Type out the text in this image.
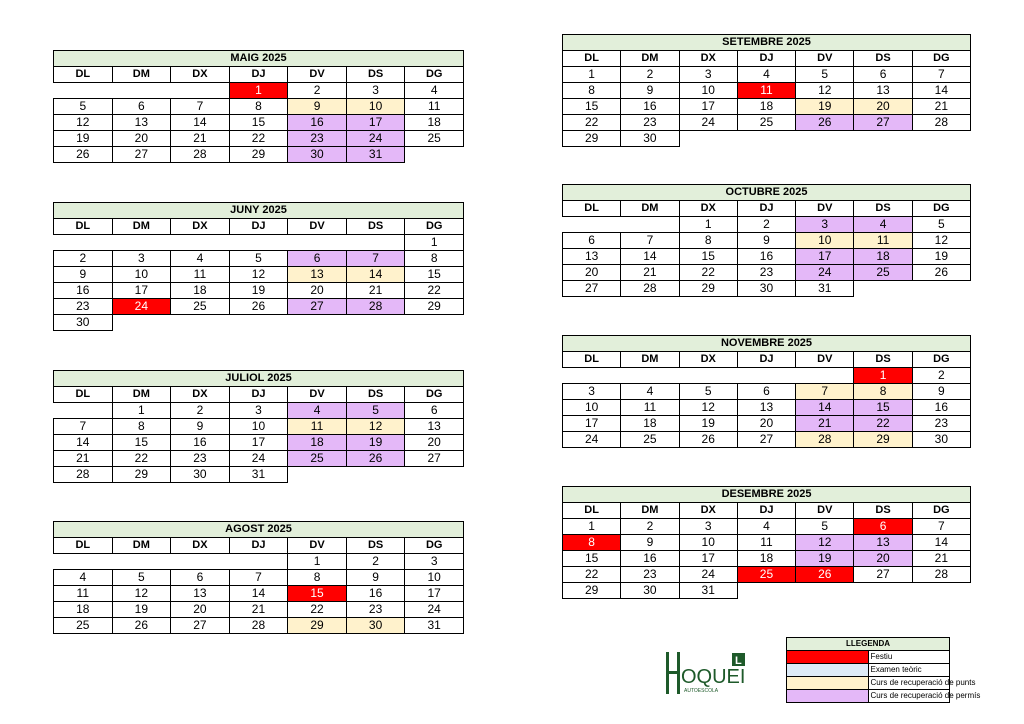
MAIG 2025						
DL	DM	DX	DJ	DV	DS	DG
			1	2	3	4
5	6	7	8	9	10	11
12	13	14	15	16	17	18
19	20	21	22	23	24	25
26	27	28	29	30	31	
JUNY 2025						
DL	DM	DX	DJ	DV	DS	DG
						1
2	3	4	5	6	7	8
9	10	11	12	13	14	15
16	17	18	19	20	21	22
23	24	25	26	27	28	29
30						
JULIOL 2025						
DL	DM	DX	DJ	DV	DS	DG
	1	2	3	4	5	6
7	8	9	10	11	12	13
14	15	16	17	18	19	20
21	22	23	24	25	26	27
28	29	30	31			
AGOST 2025						
DL	DM	DX	DJ	DV	DS	DG
				1	2	3
4	5	6	7	8	9	10
11	12	13	14	15	16	17
18	19	20	21	22	23	24
25	26	27	28	29	30	31
SETEMBRE 2025						
DL	DM	DX	DJ	DV	DS	DG
1	2	3	4	5	6	7
8	9	10	11	12	13	14
15	16	17	18	19	20	21
22	23	24	25	26	27	28
29	30					
OCTUBRE 2025						
DL	DM	DX	DJ	DV	DS	DG
		1	2	3	4	5
6	7	8	9	10	11	12
13	14	15	16	17	18	19
20	21	22	23	24	25	26
27	28	29	30	31		
NOVEMBRE 2025						
DL	DM	DX	DJ	DV	DS	DG
					1	2
3	4	5	6	7	8	9
10	11	12	13	14	15	16
17	18	19	20	21	22	23
24	25	26	27	28	29	30
DESEMBRE 2025						
DL	DM	DX	DJ	DV	DS	DG
1	2	3	4	5	6	7
8	9	10	11	12	13	14
15	16	17	18	19	20	21
22	23	24	25	26	27	28
29	30	31				
OQUEI
AUTOESCOLA
L
LLEGENDA	
	Festiu
	Examen teòric
	Curs de recuperació de punts
	Curs de recuperació de permís
